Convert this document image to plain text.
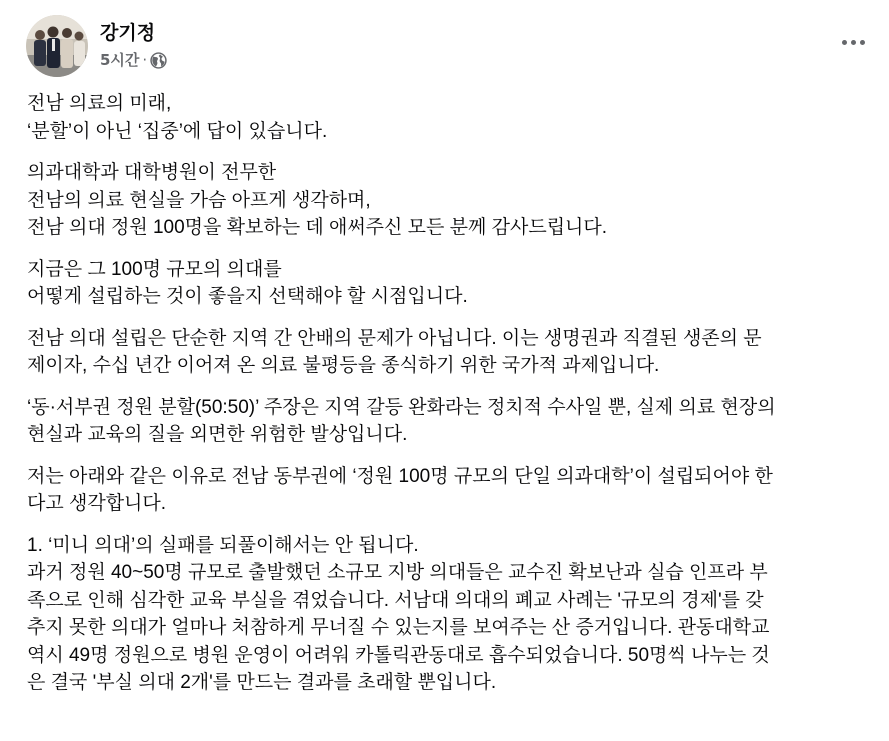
강기정
5시간 ·

전남 의료의 미래,
‘분할’이 아닌 ‘집중’에 답이 있습니다.

의과대학과 대학병원이 전무한
전남의 의료 현실을 가슴 아프게 생각하며,
전남 의대 정원 100명을 확보하는 데 애써주신 모든 분께 감사드립니다.

지금은 그 100명 규모의 의대를
어떻게 설립하는 것이 좋을지 선택해야 할 시점입니다.

전남 의대 설립은 단순한 지역 간 안배의 문제가 아닙니다. 이는 생명권과 직결된 생존의 문
제이자, 수십 년간 이어져 온 의료 불평등을 종식하기 위한 국가적 과제입니다.

‘동·서부권 정원 분할(50:50)’ 주장은 지역 갈등 완화라는 정치적 수사일 뿐, 실제 의료 현장의
현실과 교육의 질을 외면한 위험한 발상입니다.

저는 아래와 같은 이유로 전남 동부권에 ‘정원 100명 규모의 단일 의과대학’이 설립되어야 한
다고 생각합니다.

1. ‘미니 의대’의 실패를 되풀이해서는 안 됩니다.
과거 정원 40~50명 규모로 출발했던 소규모 지방 의대들은 교수진 확보난과 실습 인프라 부
족으로 인해 심각한 교육 부실을 겪었습니다. 서남대 의대의 폐교 사례는 '규모의 경제'를 갖
추지 못한 의대가 얼마나 처참하게 무너질 수 있는지를 보여주는 산 증거입니다. 관동대학교
역시 49명 정원으로 병원 운영이 어려워 카톨릭관동대로 흡수되었습니다. 50명씩 나누는 것
은 결국 '부실 의대 2개'를 만드는 결과를 초래할 뿐입니다.
